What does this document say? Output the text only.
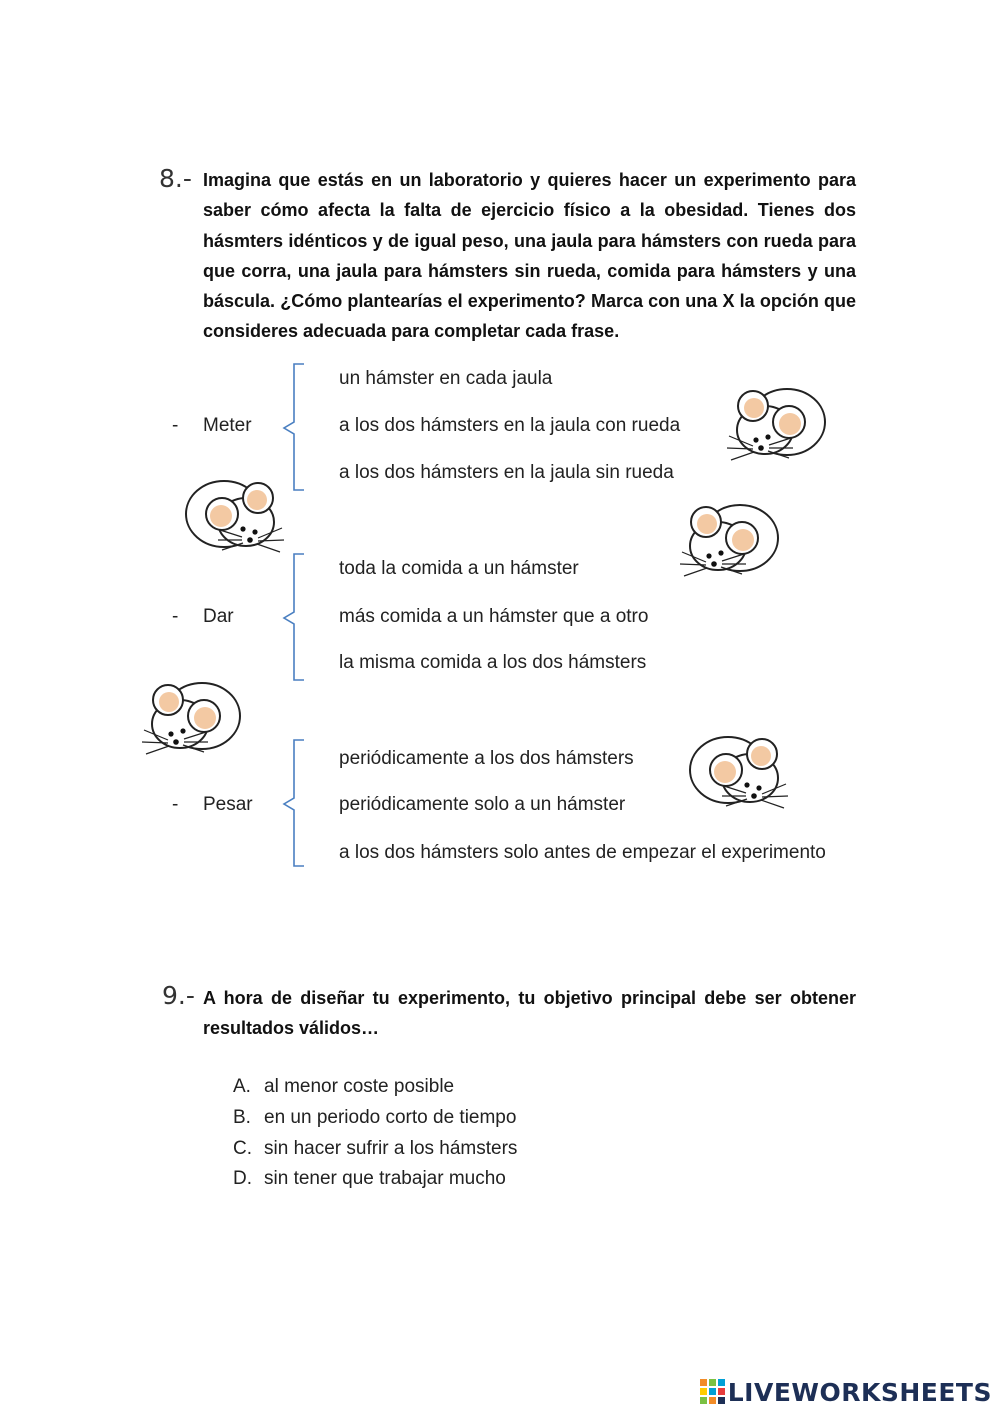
8.- Imagina que estás en un laboratorio y quieres hacer un experimento para saber cómo afecta la falta de ejercicio físico a la obesidad. Tienes dos hásmters idénticos y de igual peso, una jaula para hámsters con rueda para que corra, una jaula para hámsters sin rueda, comida para hámsters y una báscula. ¿Cómo plantearías el experimento? Marca con una X la opción que consideres adecuada para completar cada frase.

- Meter
un hámster en cada jaula
a los dos hámsters en la jaula con rueda
a los dos hámsters en la jaula sin rueda
- Dar
toda la comida a un hámster
más comida a un hámster que a otro
la misma comida a los dos hámsters
- Pesar
periódicamente a los dos hámsters
periódicamente solo a un hámster
a los dos hámsters solo antes de empezar el experimento
9.- A hora de diseñar tu experimento, tu objetivo principal debe ser obtener resultados válidos…

A. al menor coste posible
B. en un periodo corto de tiempo
C. sin hacer sufrir a los hámsters
D. sin tener que trabajar mucho
LIVEWORKSHEETS
